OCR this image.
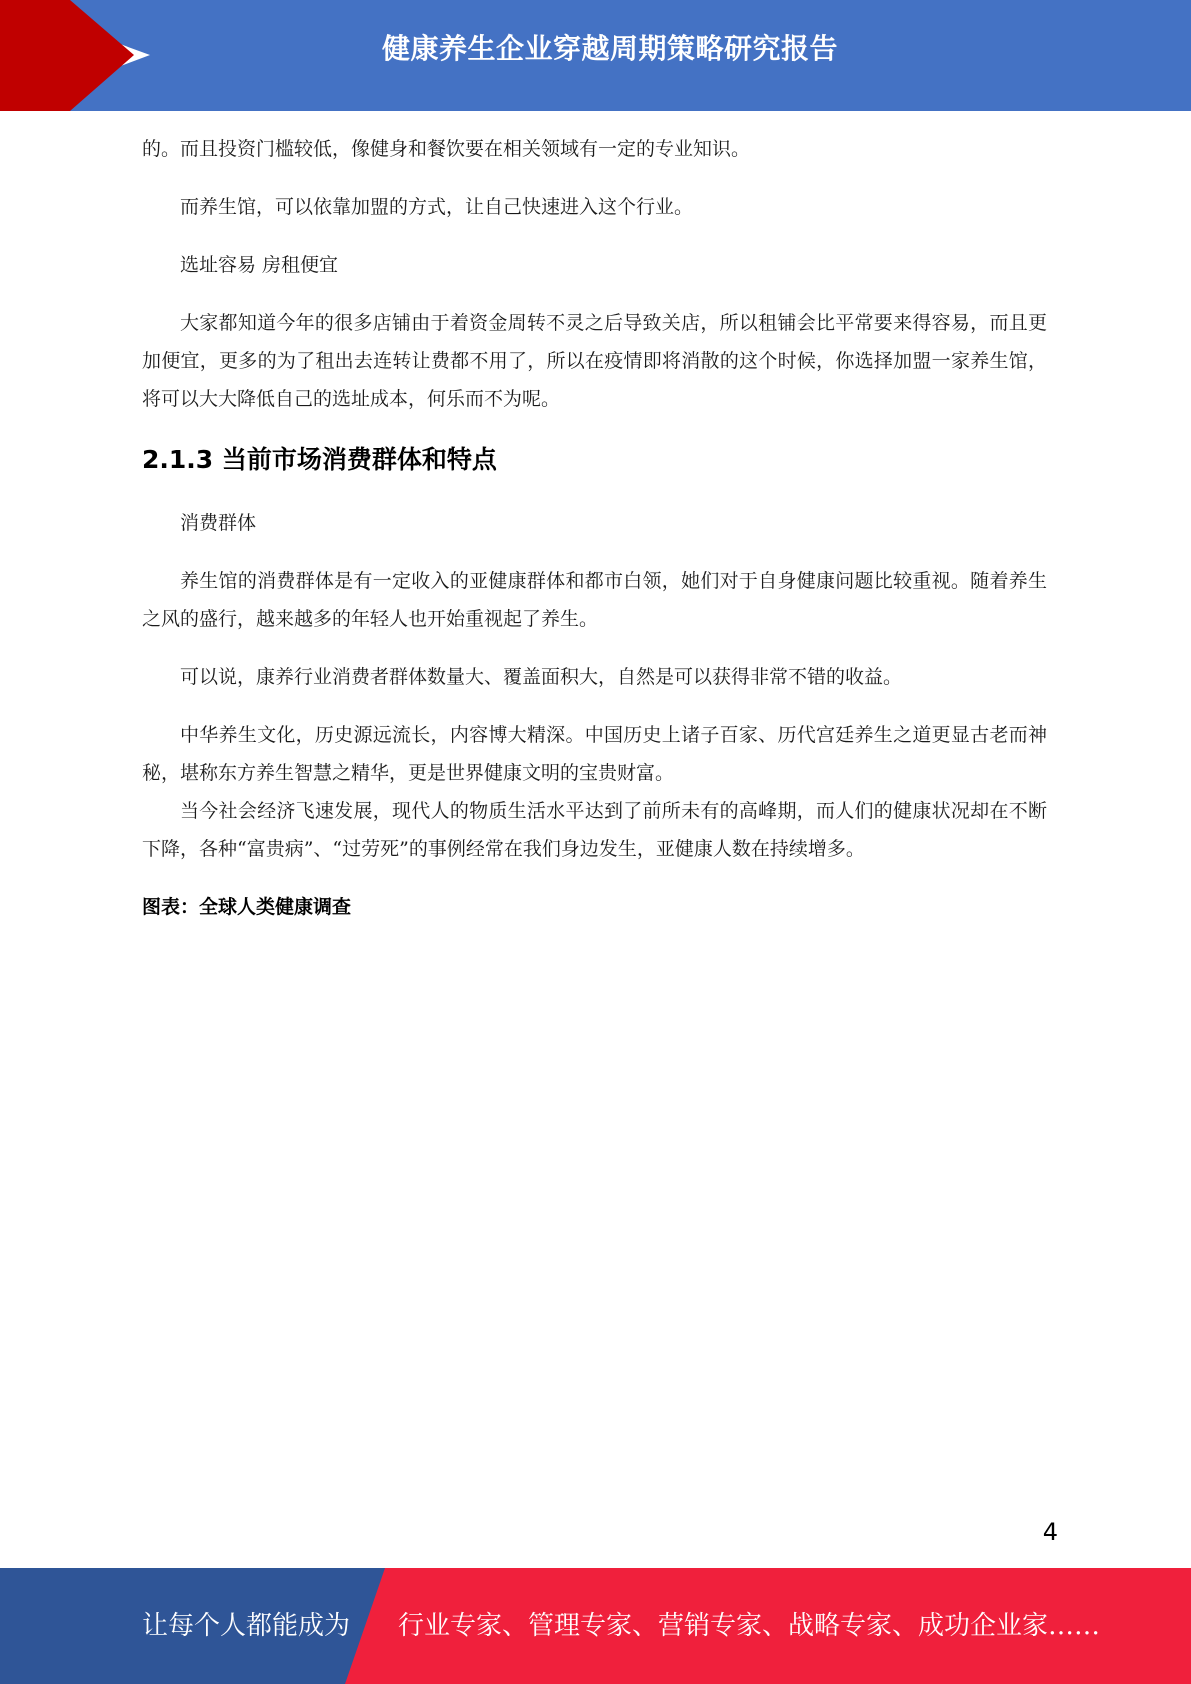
健康养生企业穿越周期策略研究报告

的。而且投资门槛较低，像健身和餐饮要在相关领域有一定的专业知识。

而养生馆，可以依靠加盟的方式，让自己快速进入这个行业。

选址容易 房租便宜

大家都知道今年的很多店铺由于着资金周转不灵之后导致关店，所以租铺会比平常要来得容易，而且更加便宜，更多的为了租出去连转让费都不用了，所以在疫情即将消散的这个时候，你选择加盟一家养生馆，将可以大大降低自己的选址成本，何乐而不为呢。

2.1.3 当前市场消费群体和特点

消费群体

养生馆的消费群体是有一定收入的亚健康群体和都市白领，她们对于自身健康问题比较重视。随着养生之风的盛行，越来越多的年轻人也开始重视起了养生。

可以说，康养行业消费者群体数量大、覆盖面积大，自然是可以获得非常不错的收益。

中华养生文化，历史源远流长，内容博大精深。中国历史上诸子百家、历代宫廷养生之道更显古老而神秘，堪称东方养生智慧之精华，更是世界健康文明的宝贵财富。

当今社会经济飞速发展，现代人的物质生活水平达到了前所未有的高峰期，而人们的健康状况却在不断下降，各种“富贵病”、“过劳死”的事例经常在我们身边发生，亚健康人数在持续增多。

图表：全球人类健康调查

4
让每个人都能成为 行业专家、管理专家、营销专家、战略专家、成功企业家……
